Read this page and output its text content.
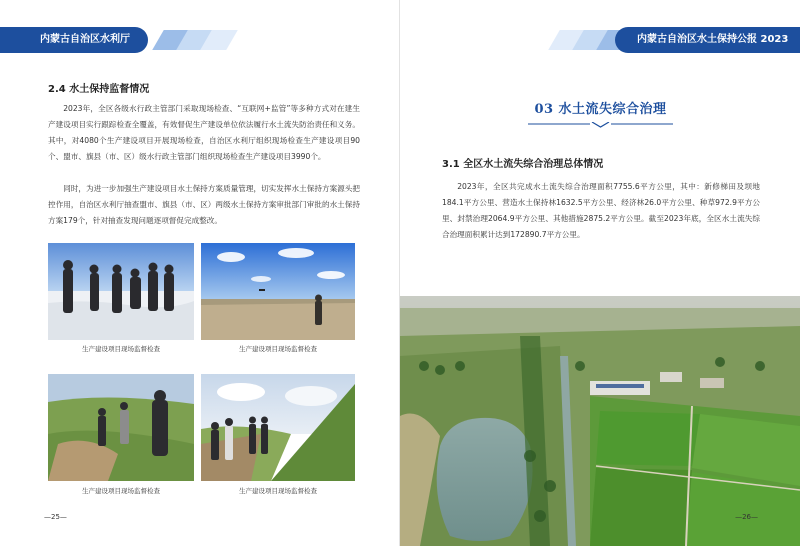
内蒙古自治区水利厅
2.4 水土保持监督情况

2023年，全区各级水行政主管部门采取现场检查、“互联网+监管”等多种方式对在建生产建设项目实行跟踪检查全覆盖，有效督促生产建设单位依法履行水土流失防治责任和义务。其中，对4080个生产建设项目开展现场检查，自治区水利厅组织现场检查生产建设项目90个、盟市、旗县（市、区）级水行政主管部门组织现场检查生产建设项目3990个。

同时，为进一步加强生产建设项目水土保持方案质量管理，切实发挥水土保持方案源头把控作用，自治区水利厅抽查盟市、旗县（市、区）两级水土保持方案审批部门审批的水土保持方案179个，针对抽查发现问题逐项督促完成整改。

生产建设项目现场监督检查	生产建设项目现场监督检查
生产建设项目现场监督检查	生产建设项目现场监督检查
—25—
内蒙古自治区水土保持公报 2023
03 水土流失综合治理
3.1 全区水土流失综合治理总体情况

2023年，全区共完成水土流失综合治理面积7755.6平方公里，其中：新修梯田及坝地184.1平方公里、营造水土保持林1632.5平方公里、经济林26.0平方公里、种草972.9平方公里、封禁治理2064.9平方公里、其他措施2875.2平方公里。截至2023年底，全区水土流失综合治理面积累计达到172890.7平方公里。

—26—
